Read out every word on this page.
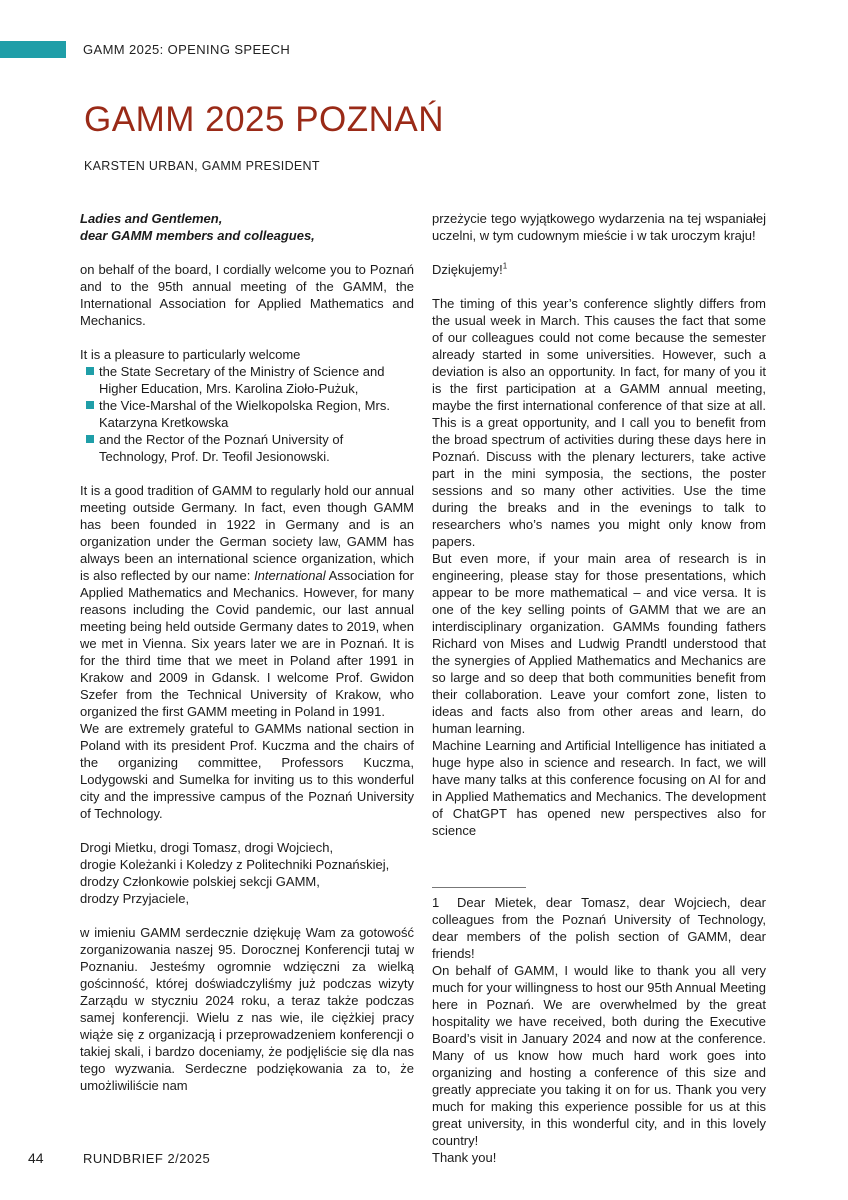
GAMM 2025: OPENING SPEECH
GAMM 2025 POZNAŃ
KARSTEN URBAN, GAMM PRESIDENT

Ladies and Gentlemen,

dear GAMM members and colleagues,

on behalf of the board, I cordially welcome you to Poznań and to the 95th annual meeting of the GAMM, the International Association for Applied Mathematics and Mechanics.

It is a pleasure to particularly welcome

the State Secretary of the Ministry of Science and Higher Education, Mrs. Karolina Zioło-Pużuk,
the Vice-Marshal of the Wielkopolska Region, Mrs. Katarzyna Kretkowska
and the Rector of the Poznań University of Technology, Prof. Dr. Teofil Jesionowski.

It is a good tradition of GAMM to regularly hold our annual meeting outside Germany. In fact, even though GAMM has been founded in 1922 in Germany and is an organization under the German society law, GAMM has always been an international science organization, which is also reflected by our name: International Association for Applied Mathematics and Mechanics. However, for many reasons including the Covid pandemic, our last annual meeting being held outside Germany dates to 2019, when we met in Vienna. Six years later we are in Poznań. It is for the third time that we meet in Poland after 1991 in Krakow and 2009 in Gdansk. I welcome Prof. Gwidon Szefer from the Technical University of Krakow, who organized the first GAMM meeting in Poland in 1991.

We are extremely grateful to GAMMs national section in Poland with its president Prof. Kuczma and the chairs of the organizing committee, Professors Kuczma, Lodygowski and Sumelka for inviting us to this wonderful city and the impressive campus of the Poznań University of Technology.

Drogi Mietku, drogi Tomasz, drogi Wojciech,

drogie Koleżanki i Koledzy z Politechniki Poznańskiej,

drodzy Członkowie polskiej sekcji GAMM,

drodzy Przyjaciele,

w imieniu GAMM serdecznie dziękuję Wam za gotowość zorganizowania naszej 95. Dorocznej Konferencji tutaj w Poznaniu. Jesteśmy ogromnie wdzięczni za wielką gościnność, której doświadczyliśmy już podczas wizyty Zarządu w styczniu 2024 roku, a teraz także podczas samej konferencji. Wielu z nas wie, ile ciężkiej pracy wiąże się z organizacją i przeprowadzeniem konferencji o takiej skali, i bardzo doceniamy, że podjęliście się dla nas tego wyzwania. Serdeczne podziękowania za to, że umożliwiliście nam

przeżycie tego wyjątkowego wydarzenia na tej wspaniałej uczelni, w tym cudownym mieście i w tak uroczym kraju!

Dziękujemy!$^1$

The timing of this year’s conference slightly differs from the usual week in March. This causes the fact that some of our colleagues could not come because the semester already started in some universities. However, such a deviation is also an opportunity. In fact, for many of you it is the first participation at a GAMM annual meeting, maybe the first international conference of that size at all. This is a great opportunity, and I call you to benefit from the broad spectrum of activities during these days here in Poznań. Discuss with the plenary lecturers, take active part in the mini symposia, the sections, the poster sessions and so many other activities. Use the time during the breaks and in the evenings to talk to researchers who’s names you might only know from papers.

But even more, if your main area of research is in engineering, please stay for those presentations, which appear to be more mathematical – and vice versa. It is one of the key selling points of GAMM that we are an interdisciplinary organization. GAMMs founding fathers Richard von Mises and Ludwig Prandtl understood that the synergies of Applied Mathematics and Mechanics are so large and so deep that both communities benefit from their collaboration. Leave your comfort zone, listen to ideas and facts also from other areas and learn, do human learning.

Machine Learning and Artificial Intelligence has initiated a huge hype also in science and research. In fact, we will have many talks at this conference focusing on AI for and in Applied Mathematics and Mechanics. The development of ChatGPT has opened new perspectives also for science

1 Dear Mietek, dear Tomasz, dear Wojciech, dear colleagues from the Poznań University of Technology, dear members of the polish section of GAMM, dear friends!

On behalf of GAMM, I would like to thank you all very much for your willingness to host our 95th Annual Meeting here in Poznań. We are overwhelmed by the great hospitality we have received, both during the Executive Board’s visit in January 2024 and now at the conference. Many of us know how much hard work goes into organizing and hosting a conference of this size and greatly appreciate you taking it on for us. Thank you very much for making this experience possible for us at this great university, in this wonderful city, and in this lovely country!

Thank you!

44	RUNDBRIEF 2/2025
